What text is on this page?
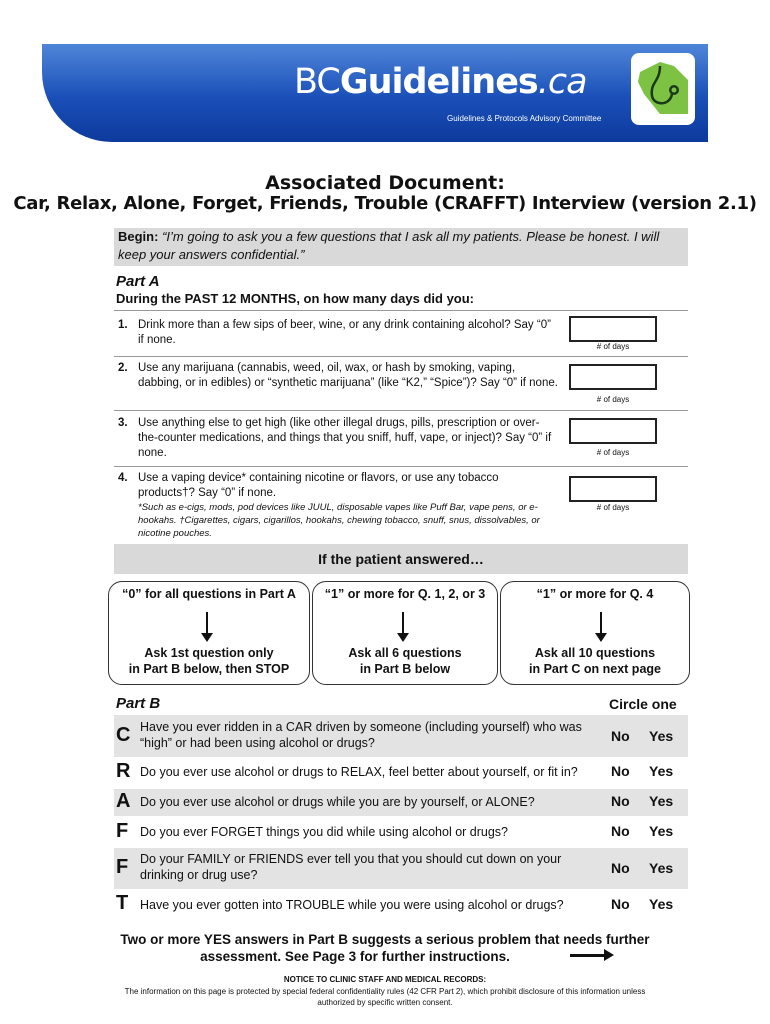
BCGuidelines.ca
Guidelines & Protocols Advisory Committee
Associated Document:
Car, Relax, Alone, Forget, Friends, Trouble (CRAFFT) Interview (version 2.1)
Begin: “I’m going to ask you a few questions that I ask all my patients. Please be honest. I will keep your answers confidential.”
Part A
During the PAST 12 MONTHS, on how many days did you:
1. Drink more than a few sips of beer, wine, or any drink containing alcohol? Say “0” if none.
# of days
2. Use any marijuana (cannabis, weed, oil, wax, or hash by smoking, vaping, dabbing, or in edibles) or “synthetic marijuana” (like “K2,” “Spice”)? Say “0” if none.
# of days
3. Use anything else to get high (like other illegal drugs, pills, prescription or over-the-counter medications, and things that you sniff, huff, vape, or inject)? Say “0” if none.	# of days
4. Use a vaping device* containing nicotine or flavors, or use any tobacco products†? Say “0” if none.
*Such as e-cigs, mods, pod devices like JUUL, disposable vapes like Puff Bar, vape pens, or e-hookahs. †Cigarettes, cigars, cigarillos, hookahs, chewing tobacco, snuff, snus, dissolvables, or nicotine pouches.
# of days
If the patient answered…
“0” for all questions in Part A	“1” or more for Q. 1, 2, or 3	“1” or more for Q. 4
Ask 1st question only
in Part B below, then STOP
Ask all 6 questions
in Part B below
Ask all 10 questions
in Part C on next page
Part B	Circle one
C Have you ever ridden in a CAR driven by someone (including yourself) who was “high” or had been using alcohol or drugs?	No Yes
R Do you ever use alcohol or drugs to RELAX, feel better about yourself, or fit in?	No Yes
A Do you ever use alcohol or drugs while you are by yourself, or ALONE?	No Yes
F Do you ever FORGET things you did while using alcohol or drugs?	No Yes
F Do your FAMILY or FRIENDS ever tell you that you should cut down on your drinking or drug use?	No Yes
T Have you ever gotten into TROUBLE while you were using alcohol or drugs?	No Yes
Two or more YES answers in Part B suggests a serious problem that needs further
assessment. See Page 3 for further instructions.
NOTICE TO CLINIC STAFF AND MEDICAL RECORDS:
The information on this page is protected by special federal confidentiality rules (42 CFR Part 2), which prohibit disclosure of this information unless authorized by specific written consent.
